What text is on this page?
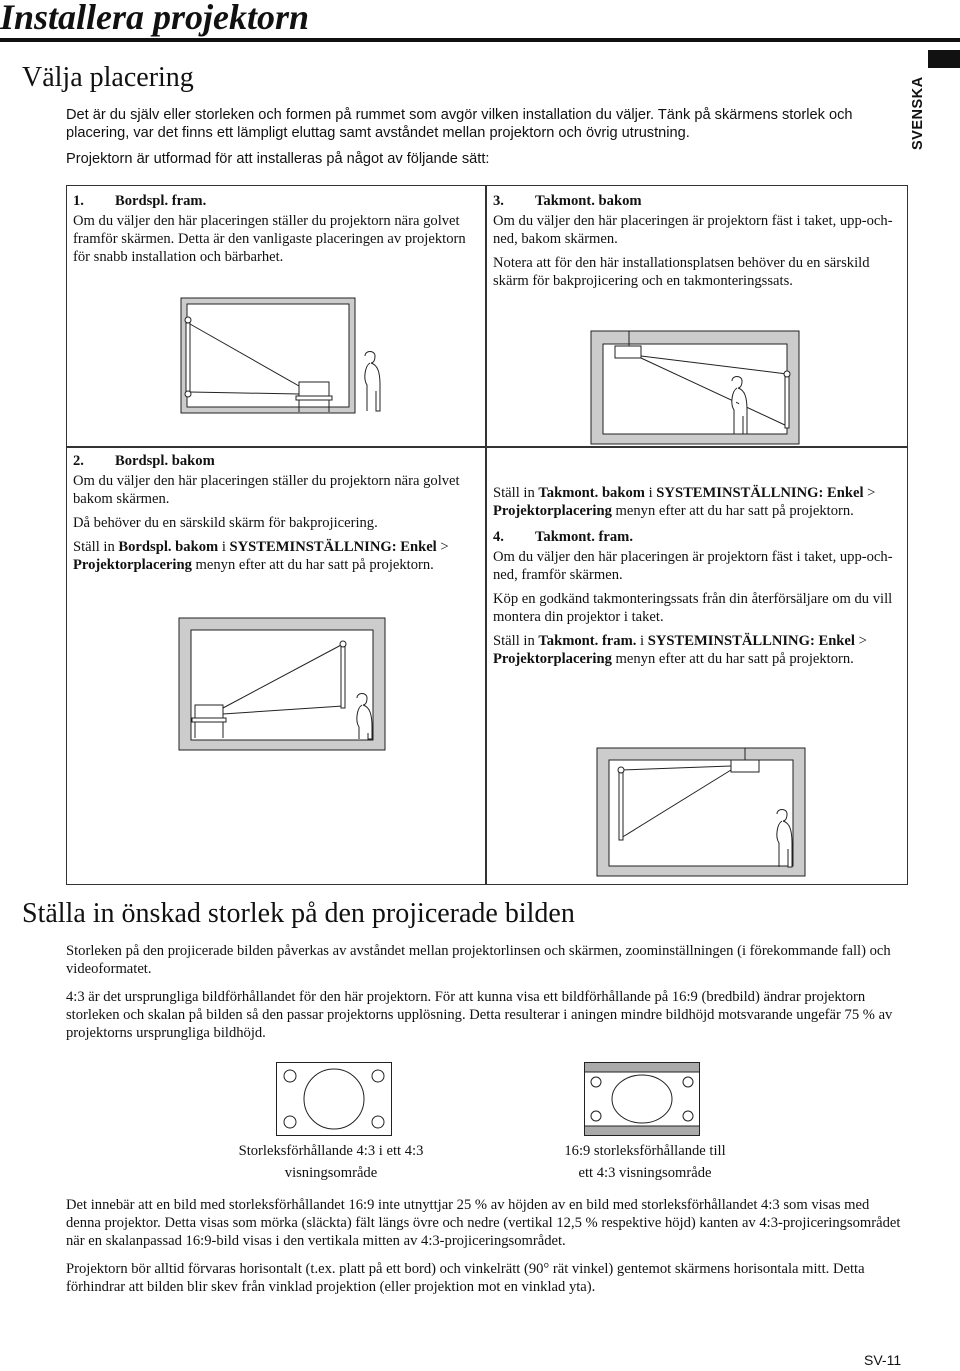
Installera projektorn
SVENSKA
Välja placering

Det är du själv eller storleken och formen på rummet som avgör vilken installation du väljer. Tänk på skärmens storlek och placering, var det finns ett lämpligt eluttag samt avståndet mellan projektorn och övrig utrustning.

Projektorn är utformad för att installeras på något av följande sätt:

1. Bordspl. fram.

Om du väljer den här placeringen ställer du projektorn nära golvet framför skärmen. Detta är den vanligaste placeringen av projektorn för snabb installation och bärbarhet.

3. Takmont. bakom

Om du väljer den här placeringen är projektorn fäst i taket, upp-och-ned, bakom skärmen.

Notera att för den här installationsplatsen behöver du en särskild skärm för bakprojicering och en takmonteringssats.

2. Bordspl. bakom

Om du väljer den här placeringen ställer du projektorn nära golvet bakom skärmen.

Då behöver du en särskild skärm för bakprojicering.

Ställ in Bordspl. bakom i SYSTEMINSTÄLLNING: Enkel > Projektorplacering menyn efter att du har satt på projektorn.

Ställ in Takmont. bakom i SYSTEMINSTÄLLNING: Enkel > Projektorplacering menyn efter att du har satt på projektorn.

4. Takmont. fram.

Om du väljer den här placeringen är projektorn fäst i taket, upp-och-ned, framför skärmen.

Köp en godkänd takmonteringssats från din återförsäljare om du vill montera din projektor i taket.

Ställ in Takmont. fram. i SYSTEMINSTÄLLNING: Enkel > Projektorplacering menyn efter att du har satt på projektorn.

Ställa in önskad storlek på den projicerade bilden

Storleken på den projicerade bilden påverkas av avståndet mellan projektorlinsen och skärmen, zoominställningen (i förekommande fall) och videoformatet.

4:3 är det ursprungliga bildförhållandet för den här projektorn. För att kunna visa ett bildförhållande på 16:9 (bredbild) ändrar projektorn storleken och skalan på bilden så den passar projektorns upplösning. Detta resulterar i aningen mindre bildhöjd motsvarande ungefär 75 % av projektorns ursprungliga bildhöjd.

Storleksförhållande 4:3 i ett 4:3

visningsområde

16:9 storleksförhållande till

ett 4:3 visningsområde

Det innebär att en bild med storleksförhållandet 16:9 inte utnyttjar 25 % av höjden av en bild med storleksförhållandet 4:3 som visas med denna projektor. Detta visas som mörka (släckta) fält längs övre och nedre (vertikal 12,5 % respektive höjd) kanten av 4:3-projiceringsområdet när en skalanpassad 16:9-bild visas i den vertikala mitten av 4:3-projiceringsområdet.

Projektorn bör alltid förvaras horisontalt (t.ex. platt på ett bord) och vinkelrätt (90° rät vinkel) gentemot skärmens horisontala mitt. Detta förhindrar att bilden blir skev från vinklad projektion (eller projektion mot en vinklad yta).

SV-11
